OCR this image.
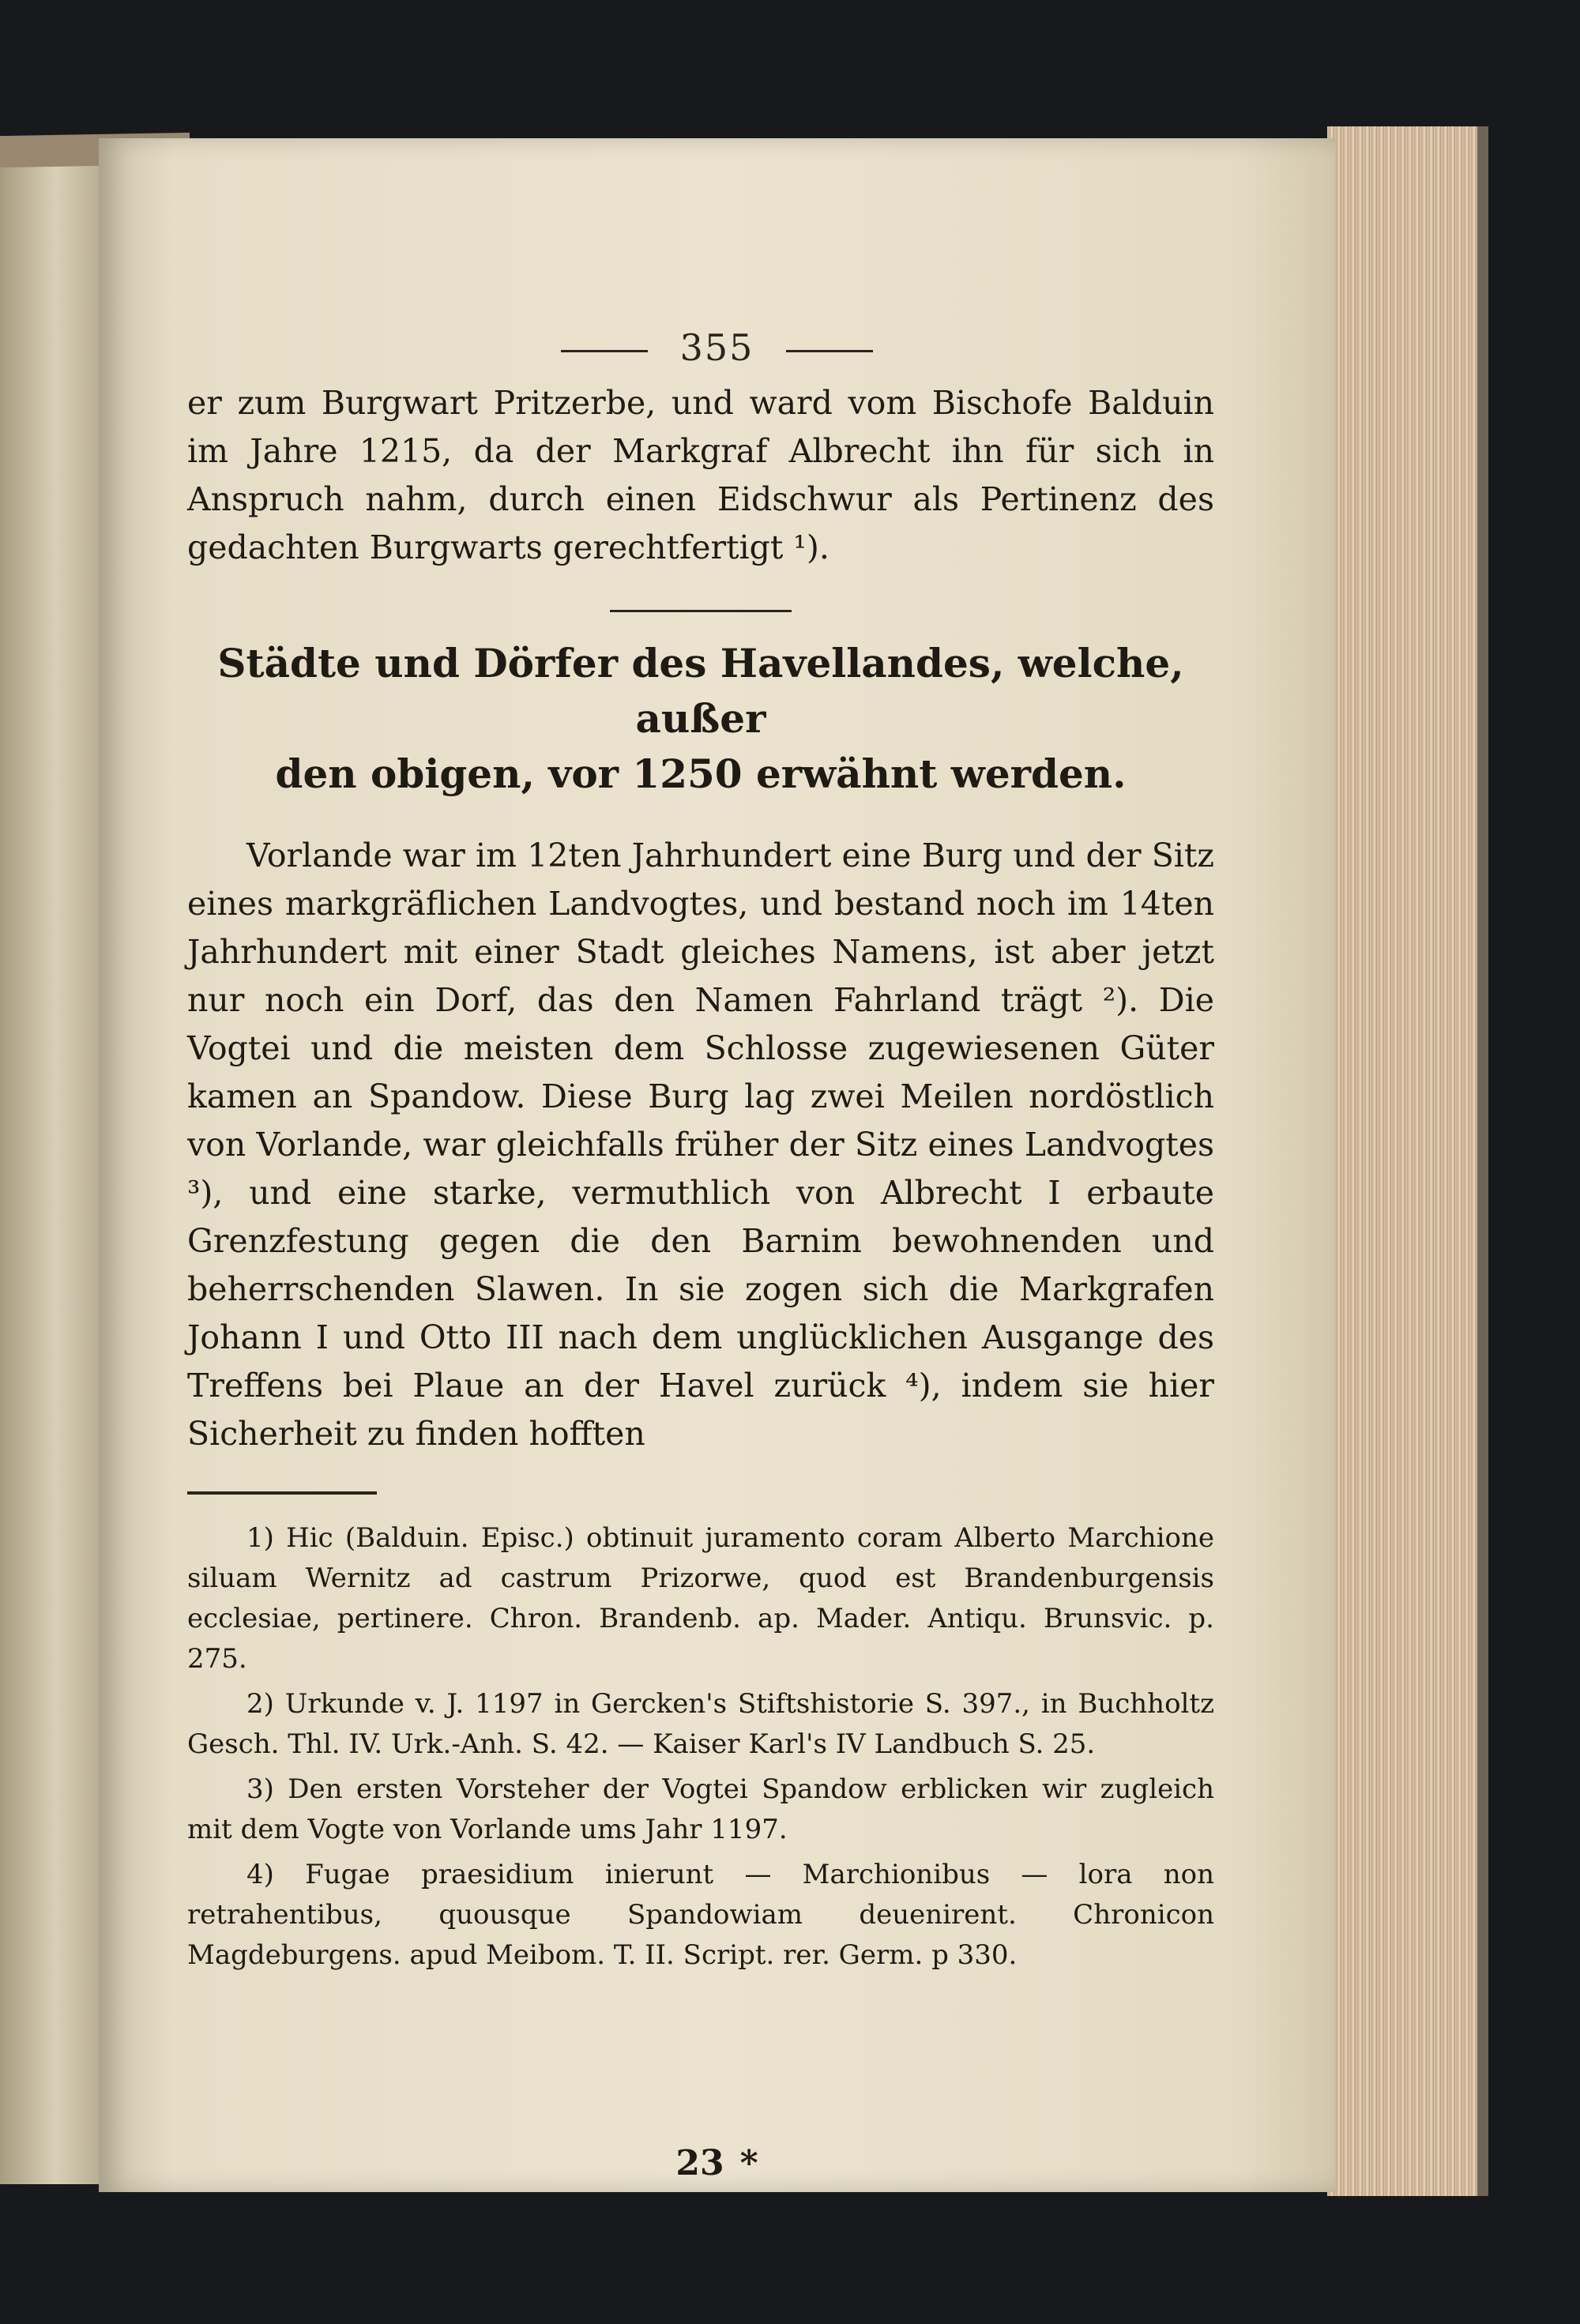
355

er zum Burgwart Pritzerbe, und ward vom Bischofe Balduin im Jahre 1215, da der Markgraf Albrecht ihn für sich in Anspruch nahm, durch einen Eidschwur als Pertinenz des gedachten Burgwarts gerechtfertigt ¹).

Städte und Dörfer des Havellandes, welche, außer
den obigen, vor 1250 erwähnt werden.

Vorlande war im 12ten Jahrhundert eine Burg und der Sitz eines markgräflichen Landvogtes, und bestand noch im 14ten Jahrhundert mit einer Stadt gleiches Namens, ist aber jetzt nur noch ein Dorf, das den Namen Fahrland trägt ²). Die Vogtei und die meisten dem Schlosse zugewiesenen Güter kamen an Spandow. Diese Burg lag zwei Meilen nordöstlich von Vorlande, war gleichfalls früher der Sitz eines Landvogtes ³), und eine starke, vermuthlich von Albrecht I erbaute Grenzfestung gegen die den Barnim bewohnenden und beherrschenden Slawen. In sie zogen sich die Markgrafen Johann I und Otto III nach dem unglücklichen Ausgange des Treffens bei Plaue an der Havel zurück ⁴), indem sie hier Sicherheit zu finden hofften

1) Hic (Balduin. Episc.) obtinuit juramento coram Alberto Marchione siluam Wernitz ad castrum Prizorwe, quod est Brandenburgensis ecclesiae, pertinere. Chron. Brandenb. ap. Mader. Antiqu. Brunsvic. p. 275.

2) Urkunde v. J. 1197 in Gercken's Stiftshistorie S. 397., in Buchholtz Gesch. Thl. IV. Urk.-Anh. S. 42. — Kaiser Karl's IV Landbuch S. 25.

3) Den ersten Vorsteher der Vogtei Spandow erblicken wir zugleich mit dem Vogte von Vorlande ums Jahr 1197.

4) Fugae praesidium inierunt — Marchionibus — lora non retrahentibus, quousque Spandowiam deuenirent. Chronicon Magdeburgens. apud Meibom. T. II. Script. rer. Germ. p 330.

23 *
